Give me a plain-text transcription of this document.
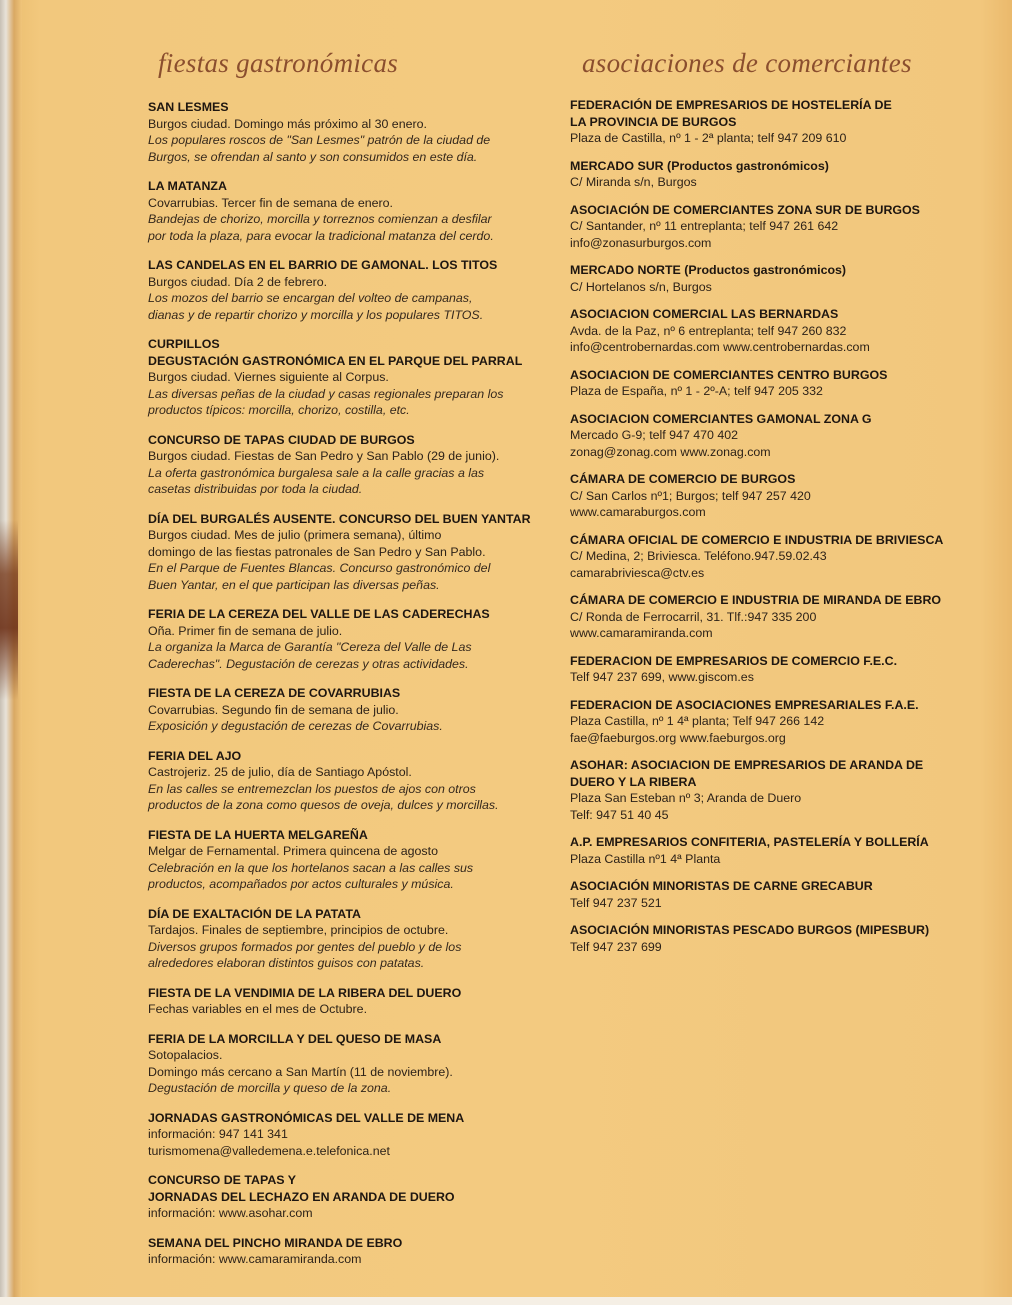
fiestas gastronómicas
SAN LESMES
Burgos ciudad. Domingo más próximo al 30 enero.
Los populares roscos de "San Lesmes" patrón de la ciudad de
Burgos, se ofrendan al santo y son consumidos en este día.
LA MATANZA
Covarrubias. Tercer fin de semana de enero.
Bandejas de chorizo, morcilla y torreznos comienzan a desfilar
por toda la plaza, para evocar la tradicional matanza del cerdo.
LAS CANDELAS EN EL BARRIO DE GAMONAL. LOS TITOS
Burgos ciudad. Día 2 de febrero.
Los mozos del barrio se encargan del volteo de campanas,
dianas y de repartir chorizo y morcilla y los populares TITOS.
CURPILLOS
DEGUSTACIÓN GASTRONÓMICA EN EL PARQUE DEL PARRAL
Burgos ciudad. Viernes siguiente al Corpus.
Las diversas peñas de la ciudad y casas regionales preparan los
productos típicos: morcilla, chorizo, costilla, etc.
CONCURSO DE TAPAS CIUDAD DE BURGOS
Burgos ciudad. Fiestas de San Pedro y San Pablo (29 de junio).
La oferta gastronómica burgalesa sale a la calle gracias a las
casetas distribuidas por toda la ciudad.
DÍA DEL BURGALÉS AUSENTE. CONCURSO DEL BUEN YANTAR
Burgos ciudad. Mes de julio (primera semana), último
domingo de las fiestas patronales de San Pedro y San Pablo.
En el Parque de Fuentes Blancas. Concurso gastronómico del
Buen Yantar, en el que participan las diversas peñas.
FERIA DE LA CEREZA DEL VALLE DE LAS CADERECHAS
Oña. Primer fin de semana de julio.
La organiza la Marca de Garantía "Cereza del Valle de Las
Caderechas". Degustación de cerezas y otras actividades.
FIESTA DE LA CEREZA DE COVARRUBIAS
Covarrubias. Segundo fin de semana de julio.
Exposición y degustación de cerezas de Covarrubias.
FERIA DEL AJO
Castrojeriz. 25 de julio, día de Santiago Apóstol.
En las calles se entremezclan los puestos de ajos con otros
productos de la zona como quesos de oveja, dulces y morcillas.
FIESTA DE LA HUERTA MELGAREÑA
Melgar de Fernamental. Primera quincena de agosto
Celebración en la que los hortelanos sacan a las calles sus
productos, acompañados por actos culturales y música.
DÍA DE EXALTACIÓN DE LA PATATA
Tardajos. Finales de septiembre, principios de octubre.
Diversos grupos formados por gentes del pueblo y de los
alrededores elaboran distintos guisos con patatas.
FIESTA DE LA VENDIMIA DE LA RIBERA DEL DUERO
Fechas variables en el mes de Octubre.
FERIA DE LA MORCILLA Y DEL QUESO DE MASA
Sotopalacios.
Domingo más cercano a San Martín (11 de noviembre).
Degustación de morcilla y queso de la zona.
JORNADAS GASTRONÓMICAS DEL VALLE DE MENA
información: 947 141 341
turismomena@valledemena.e.telefonica.net
CONCURSO DE TAPAS Y
JORNADAS DEL LECHAZO EN ARANDA DE DUERO
información: www.asohar.com
SEMANA DEL PINCHO MIRANDA DE EBRO
información: www.camaramiranda.com
asociaciones de comerciantes
FEDERACIÓN DE EMPRESARIOS DE HOSTELERÍA DE
LA PROVINCIA DE BURGOS
Plaza de Castilla, nº 1 - 2ª planta; telf 947 209 610
MERCADO SUR (Productos gastronómicos)
C/ Miranda s/n, Burgos
ASOCIACIÓN DE COMERCIANTES ZONA SUR DE BURGOS
C/ Santander, nº 11 entreplanta; telf 947 261 642
info@zonasurburgos.com
MERCADO NORTE (Productos gastronómicos)
C/ Hortelanos s/n, Burgos
ASOCIACION COMERCIAL LAS BERNARDAS
Avda. de la Paz, nº 6 entreplanta; telf 947 260 832
info@centrobernardas.com www.centrobernardas.com
ASOCIACION DE COMERCIANTES CENTRO BURGOS
Plaza de España, nº 1 - 2º-A; telf 947 205 332
ASOCIACION COMERCIANTES GAMONAL ZONA G
Mercado G-9; telf 947 470 402
zonag@zonag.com www.zonag.com
CÁMARA DE COMERCIO DE BURGOS
C/ San Carlos nº1; Burgos; telf 947 257 420
www.camaraburgos.com
CÁMARA OFICIAL DE COMERCIO E INDUSTRIA DE BRIVIESCA
C/ Medina, 2; Briviesca. Teléfono.947.59.02.43
camarabriviesca@ctv.es
CÁMARA DE COMERCIO E INDUSTRIA DE MIRANDA DE EBRO
C/ Ronda de Ferrocarril, 31. Tlf.:947 335 200
www.camaramiranda.com
FEDERACION DE EMPRESARIOS DE COMERCIO F.E.C.
Telf 947 237 699, www.giscom.es
FEDERACION DE ASOCIACIONES EMPRESARIALES F.A.E.
Plaza Castilla, nº 1 4ª planta; Telf 947 266 142
fae@faeburgos.org www.faeburgos.org
ASOHAR: ASOCIACION DE EMPRESARIOS DE ARANDA DE
DUERO Y LA RIBERA
Plaza San Esteban nº 3; Aranda de Duero
Telf: 947 51 40 45
A.P. EMPRESARIOS CONFITERIA, PASTELERÍA Y BOLLERÍA
Plaza Castilla nº1 4ª Planta
ASOCIACIÓN MINORISTAS DE CARNE GRECABUR
Telf 947 237 521
ASOCIACIÓN MINORISTAS PESCADO BURGOS (MIPESBUR)
Telf 947 237 699
